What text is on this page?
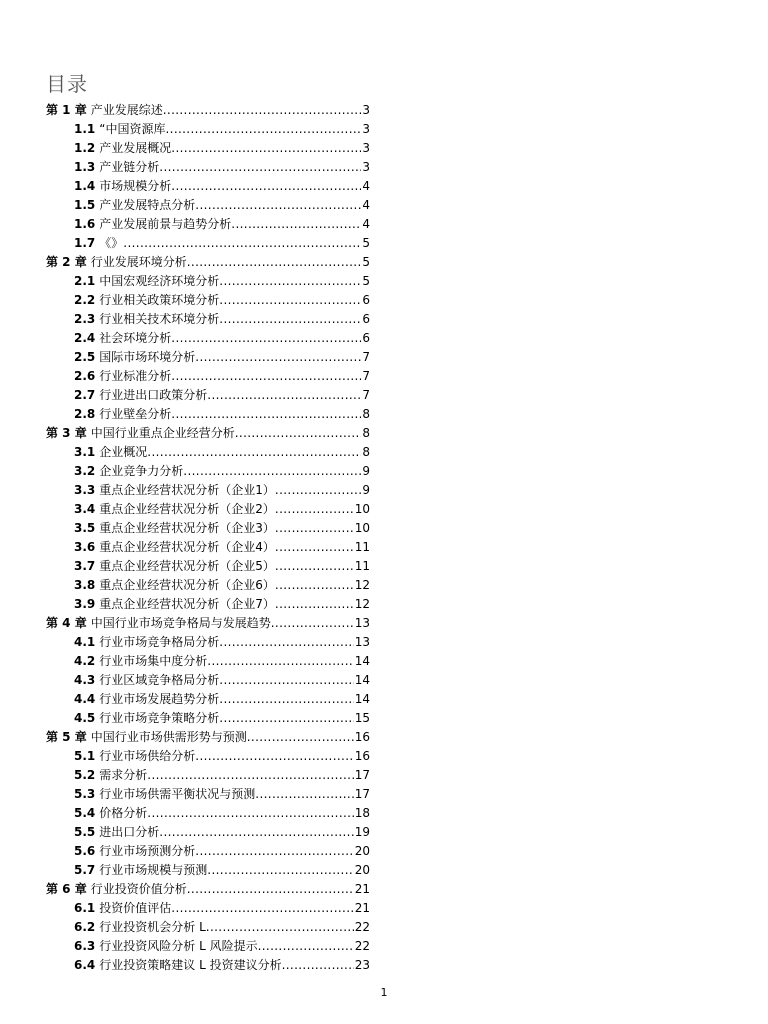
目录
第 1 章 产业发展综述 .....	3
1.1 “中国资源库 .....	3
1.2 产业发展概况 .....	3
1.3 产业链分析 .....	3
1.4 市场规模分析 .....	4
1.5 产业发展特点分析 .....	4
1.6 产业发展前景与趋势分析 .....	4
1.7 《》 .....	5
第 2 章 行业发展环境分析 .....	5
2.1 中国宏观经济环境分析 .....	5
2.2 行业相关政策环境分析 .....	6
2.3 行业相关技术环境分析 .....	6
2.4 社会环境分析 .....	6
2.5 国际市场环境分析 .....	7
2.6 行业标准分析 .....	7
2.7 行业进出口政策分析 .....	7
2.8 行业壁垒分析 .....	8
第 3 章 中国行业重点企业经营分析 .....	8
3.1 企业概况 .....	8
3.2 企业竞争力分析 .....	9
3.3 重点企业经营状况分析（企业1） .....	9
3.4 重点企业经营状况分析（企业2） .....	10
3.5 重点企业经营状况分析（企业3） .....	10
3.6 重点企业经营状况分析（企业4） .....	11
3.7 重点企业经营状况分析（企业5） .....	11
3.8 重点企业经营状况分析（企业6） .....	12
3.9 重点企业经营状况分析（企业7） .....	12
第 4 章 中国行业市场竞争格局与发展趋势 .....	13
4.1 行业市场竞争格局分析 .....	13
4.2 行业市场集中度分析 .....	14
4.3 行业区域竞争格局分析 .....	14
4.4 行业市场发展趋势分析 .....	14
4.5 行业市场竞争策略分析 .....	15
第 5 章 中国行业市场供需形势与预测 .....	16
5.1 行业市场供给分析 .....	16
5.2 需求分析 .....	17
5.3 行业市场供需平衡状况与预测 .....	17
5.4 价格分析 .....	18
5.5 进出口分析 .....	19
5.6 行业市场预测分析 .....	20
5.7 行业市场规模与预测 .....	20
第 6 章 行业投资价值分析 .....	21
6.1 投资价值评估 .....	21
6.2 行业投资机会分析 L .....	22
6.3 行业投资风险分析 L 风险提示 .....	22
6.4 行业投资策略建议 L 投资建议分析 .....	23
1
